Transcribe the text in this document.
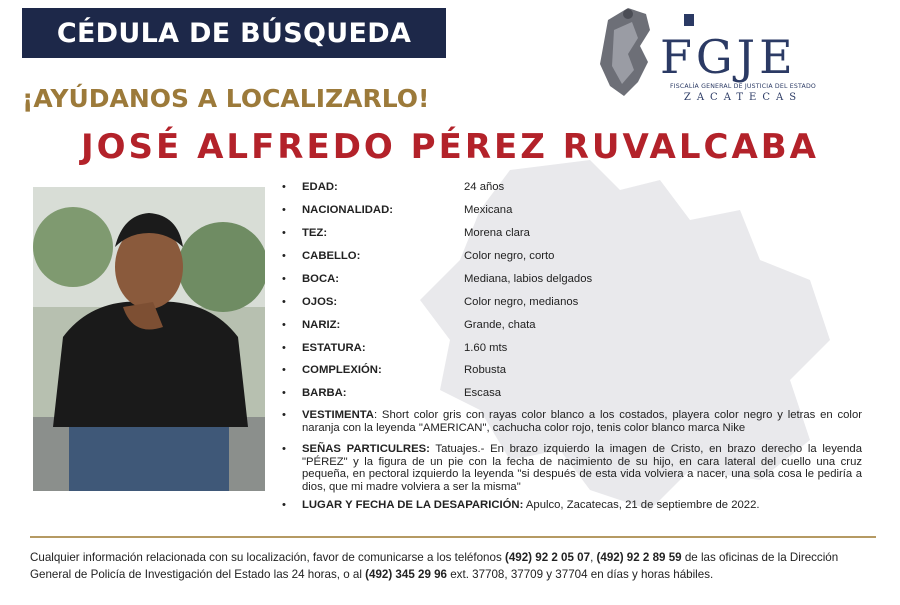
CÉDULA DE BÚSQUEDA
¡AYÚDANOS A LOCALIZARLO!
JOSÉ ALFREDO PÉREZ RUVALCABA
FGJE
FISCALÍA GENERAL DE JUSTICIA DEL ESTADO
ZACATECAS
• EDAD:	24 años
• NACIONALIDAD:	Mexicana
• TEZ:	Morena clara
• CABELLO:	Color negro, corto
• BOCA:	Mediana, labios delgados
• OJOS:	Color negro, medianos
• NARIZ:	Grande, chata
• ESTATURA:	1.60 mts
• COMPLEXIÓN:	Robusta
• BARBA:	Escasa
• VESTIMENTA: Short color gris con rayas color blanco a los costados, playera color negro y letras en color naranja con la leyenda "AMERICAN", cachucha color rojo, tenis color blanco marca Nike
• SEÑAS PARTICULRES: Tatuajes.- En brazo izquierdo la imagen de Cristo, en brazo derecho la leyenda "PÉREZ" y la figura de un pie con la fecha de nacimiento de su hijo, en cara lateral del cuello una cruz pequeña, en pectoral izquierdo la leyenda "si después de esta vida volviera a nacer, una sola cosa le pediría a dios, que mi madre volviera a ser la misma"
• LUGAR Y FECHA DE LA DESAPARICIÓN: Apulco, Zacatecas, 21 de septiembre de 2022.
Cualquier información relacionada con su localización, favor de comunicarse a los teléfonos (492) 92 2 05 07, (492) 92 2 89 59 de las oficinas de la Dirección General de Policía de Investigación del Estado las 24 horas, o al (492) 345 29 96 ext. 37708, 37709 y 37704 en días y horas hábiles.
